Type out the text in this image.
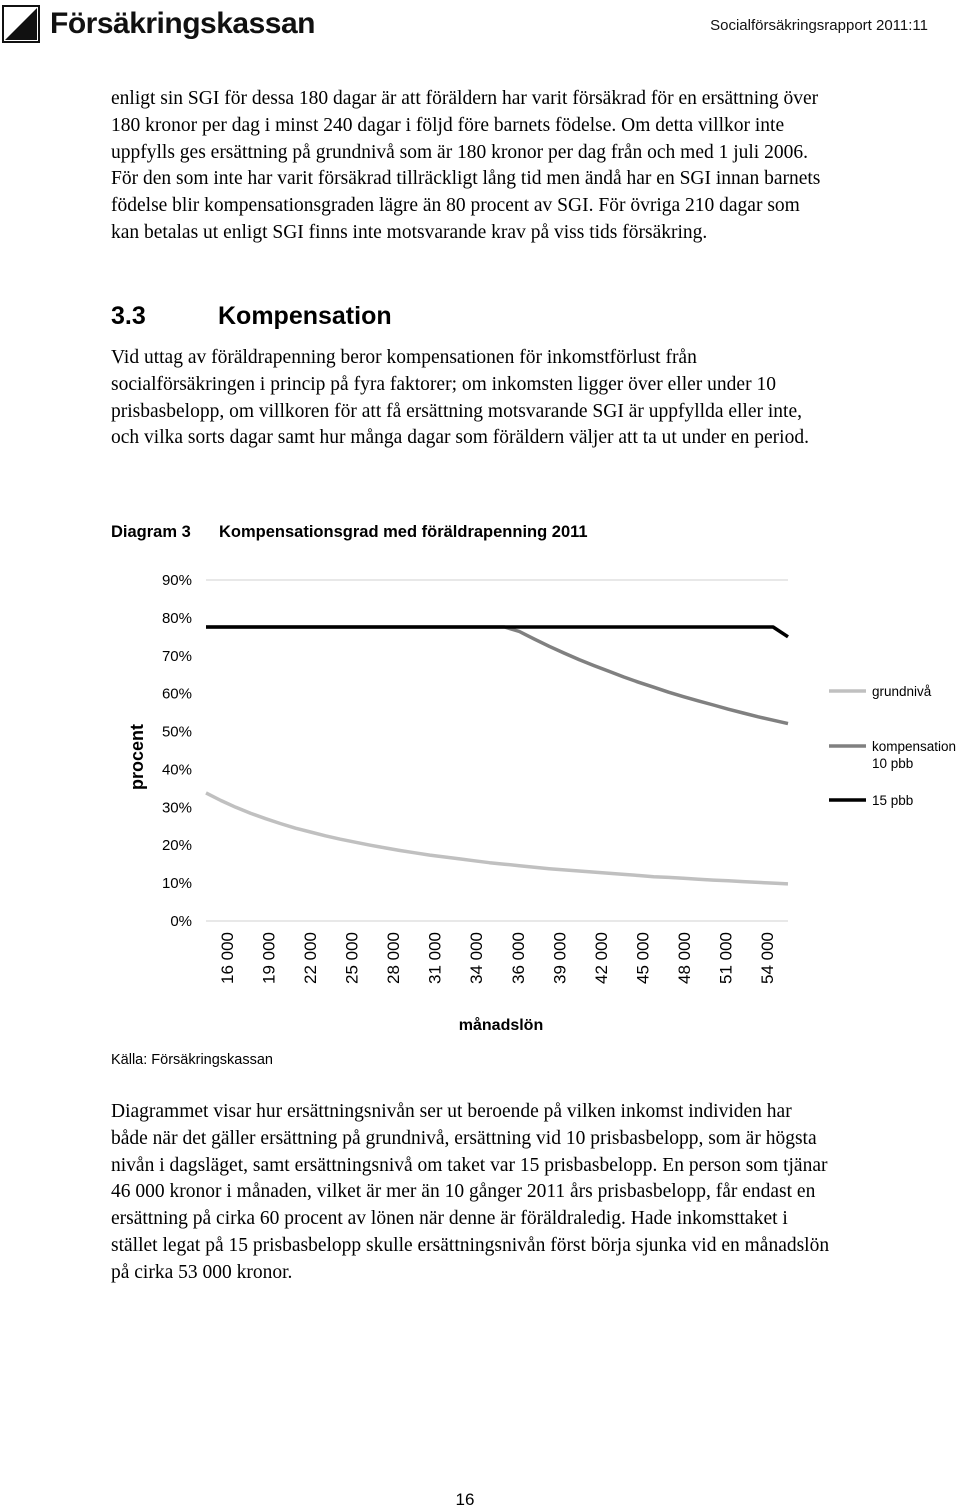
Försäkringskassan	Socialförsäkringsrapport 2011:11

enligt sin SGI för dessa 180 dagar är att föräldern har varit försäkrad för en ersättning över 180 kronor per dag i minst 240 dagar i följd före barnets födelse. Om detta villkor inte uppfylls ges ersättning på grundnivå som är 180 kronor per dag från och med 1 juli 2006. För den som inte har varit försäkrad tillräckligt lång tid men ändå har en SGI innan barnets födelse blir kompensationsgraden lägre än 80 procent av SGI. För övriga 210 dagar som kan betalas ut enligt SGI finns inte motsvarande krav på viss tids försäkring.

3.3	Kompensation

Vid uttag av föräldrapenning beror kompensationen för inkomstförlust från socialförsäkringen i princip på fyra faktorer; om inkomsten ligger över eller under 10 prisbasbelopp, om villkoren för att få ersättning motsvarande SGI är uppfyllda eller inte, och vilka sorts dagar samt hur många dagar som föräldern väljer att ta ut under en period.

Diagram 3 Kompensationsgrad med föräldrapenning 2011

0%
10%
20%
30%
40%
50%
60%
70%
80%
90%
16 000 19 000 22 000 25 000 28 000 31 000 34 000 36 000 39 000 42 000 45 000 48 000 51 000 54 000
procent
månadslön
grundnivå
kompensation
10 pbb
15 pbb

Källa: Försäkringskassan

Diagrammet visar hur ersättningsnivån ser ut beroende på vilken inkomst individen har både när det gäller ersättning på grundnivå, ersättning vid 10 prisbasbelopp, som är högsta nivån i dagsläget, samt ersättningsnivå om taket var 15 prisbasbelopp. En person som tjänar 46 000 kronor i månaden, vilket är mer än 10 gånger 2011 års prisbasbelopp, får endast en ersättning på cirka 60 procent av lönen när denne är föräldraledig. Hade inkomsttaket i stället legat på 15 prisbasbelopp skulle ersättningsnivån först börja sjunka vid en månadslön på cirka 53 000 kronor.

16
